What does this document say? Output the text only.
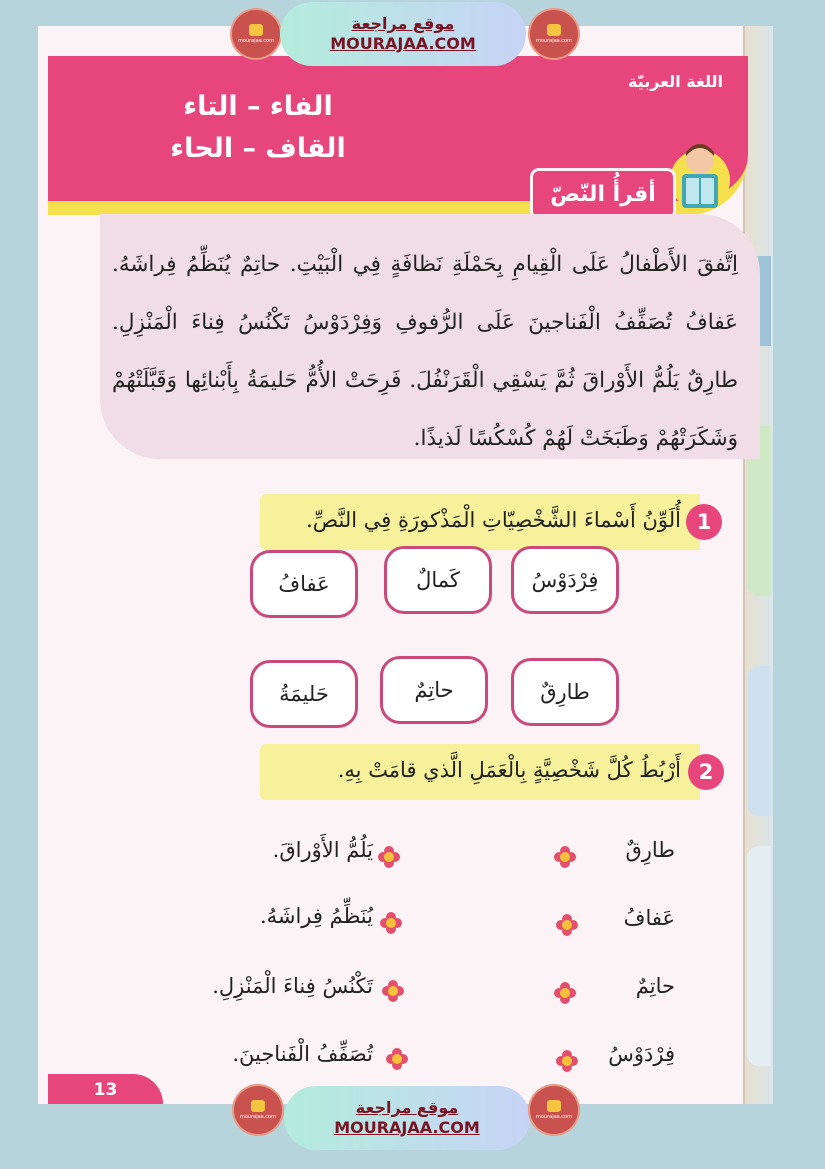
اللغة العربيّة
الفاء – التاء
القاف – الحاء
أقرأُ النّصّ

اِتَّفقَ الأَطْفالُ عَلَى الْقِيامِ بِحَمْلَةِ نَظافَةٍ فِي الْبَيْتِ. حاتِمٌ يُنَظِّمُ فِراشَهُ. عَفافُ تُصَفِّفُ الْفَناجينَ عَلَى الرُّفوفِ وَفِرْدَوْسُ تَكْنُسُ فِناءَ الْمَنْزِلِ. طارِقٌ يَلُمُّ الأَوْراقَ ثُمَّ يَسْقِي الْقَرَنْفُلَ. فَرِحَتْ الأُمُّ حَليمَةُ بِأَبْنائِها وَقَبَّلَتْهُمْ وَشَكَرَتْهُمْ وَطَبَخَتْ لَهُمْ كُسْكُسًا لَذيذًا.

1
أُلَوِّنُ أَسْماءَ الشَّخْصِيّاتِ الْمَذْكورَةِ فِي النَّصِّ.
فِرْدَوْسُ
كَمالٌ
عَفافُ
طارِقٌ
حاتِمٌ
حَليمَةُ
2
أَرْبُطُ كُلَّ شَخْصِيَّةٍ بِالْعَمَلِ الَّذي قامَتْ بِهِ.
طارِقٌ
يَلُمُّ الأَوْراقَ.
عَفافُ
يُنَظِّمُ فِراشَهُ.
حاتِمٌ
تَكْنُسُ فِناءَ الْمَنْزِلِ.
فِرْدَوْسُ
تُصَفِّفُ الْفَناجينَ.
13
mourajaa.com
موقع مراجعة
MOURAJAA.COM	mourajaa.com
mourajaa.com	موقع مراجعة
MOURAJAA.COM
mourajaa.com
